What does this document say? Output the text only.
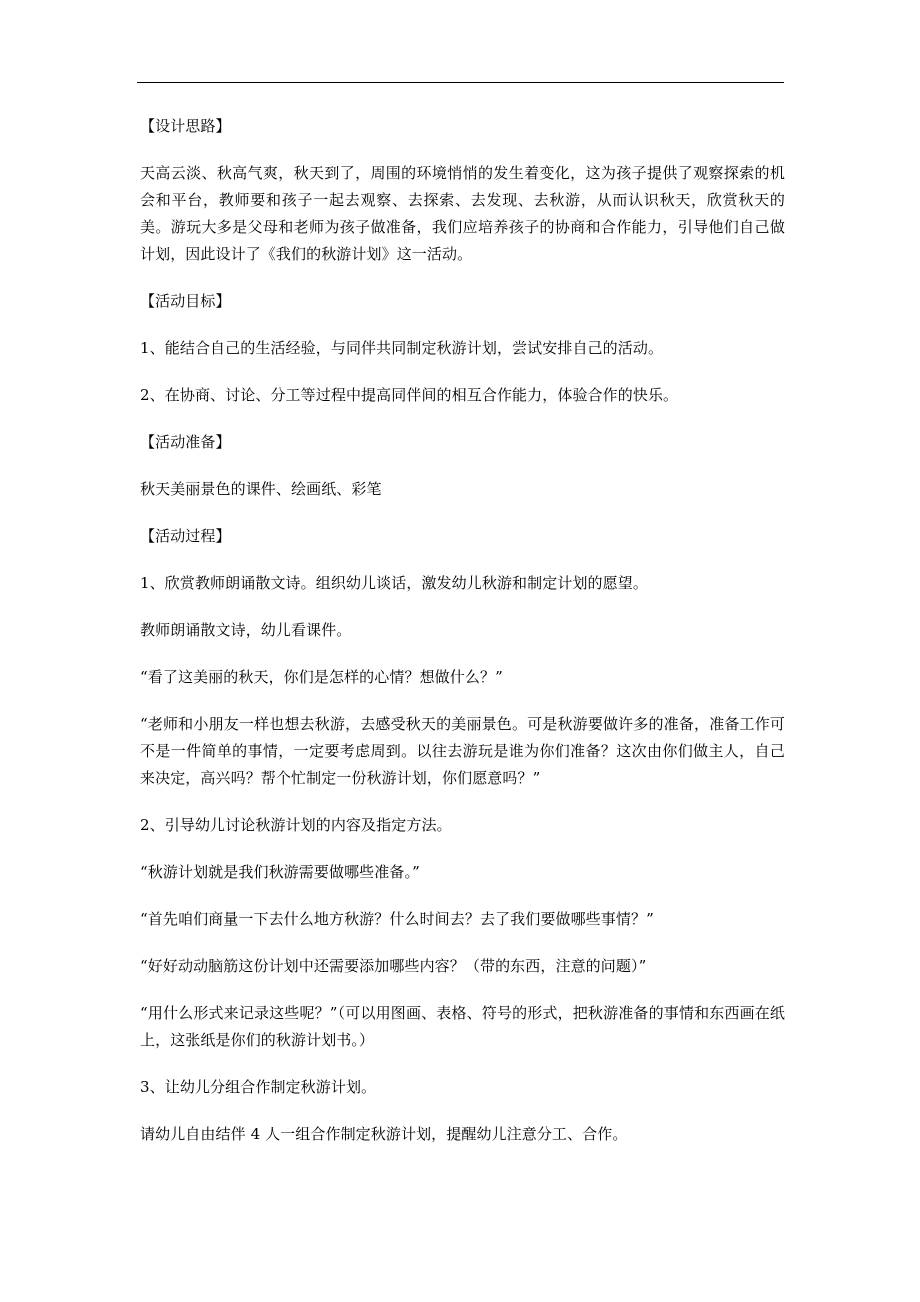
【设计思路】

天高云淡、秋高气爽，秋天到了，周围的环境悄悄的发生着变化，这为孩子提供了观察探索的机会和平台，教师要和孩子一起去观察、去探索、去发现、去秋游，从而认识秋天，欣赏秋天的美。游玩大多是父母和老师为孩子做准备，我们应培养孩子的协商和合作能力，引导他们自己做计划，因此设计了《我们的秋游计划》这一活动。

【活动目标】

1、能结合自己的生活经验，与同伴共同制定秋游计划，尝试安排自己的活动。

2、在协商、讨论、分工等过程中提高同伴间的相互合作能力，体验合作的快乐。

【活动准备】

秋天美丽景色的课件、绘画纸、彩笔

【活动过程】

1、欣赏教师朗诵散文诗。组织幼儿谈话，激发幼儿秋游和制定计划的愿望。

教师朗诵散文诗，幼儿看课件。

“看了这美丽的秋天，你们是怎样的心情？想做什么？”

“老师和小朋友一样也想去秋游，去感受秋天的美丽景色。可是秋游要做许多的准备，准备工作可不是一件简单的事情，一定要考虑周到。以往去游玩是谁为你们准备？这次由你们做主人，自己来决定，高兴吗？帮个忙制定一份秋游计划，你们愿意吗？”

2、引导幼儿讨论秋游计划的内容及指定方法。

“秋游计划就是我们秋游需要做哪些准备。”

“首先咱们商量一下去什么地方秋游？什么时间去？去了我们要做哪些事情？”

“好好动动脑筋这份计划中还需要添加哪些内容？（带的东西，注意的问题）”

“用什么形式来记录这些呢？”（可以用图画、表格、符号的形式，把秋游准备的事情和东西画在纸上，这张纸是你们的秋游计划书。）

3、让幼儿分组合作制定秋游计划。

请幼儿自由结伴 4 人一组合作制定秋游计划，提醒幼儿注意分工、合作。
